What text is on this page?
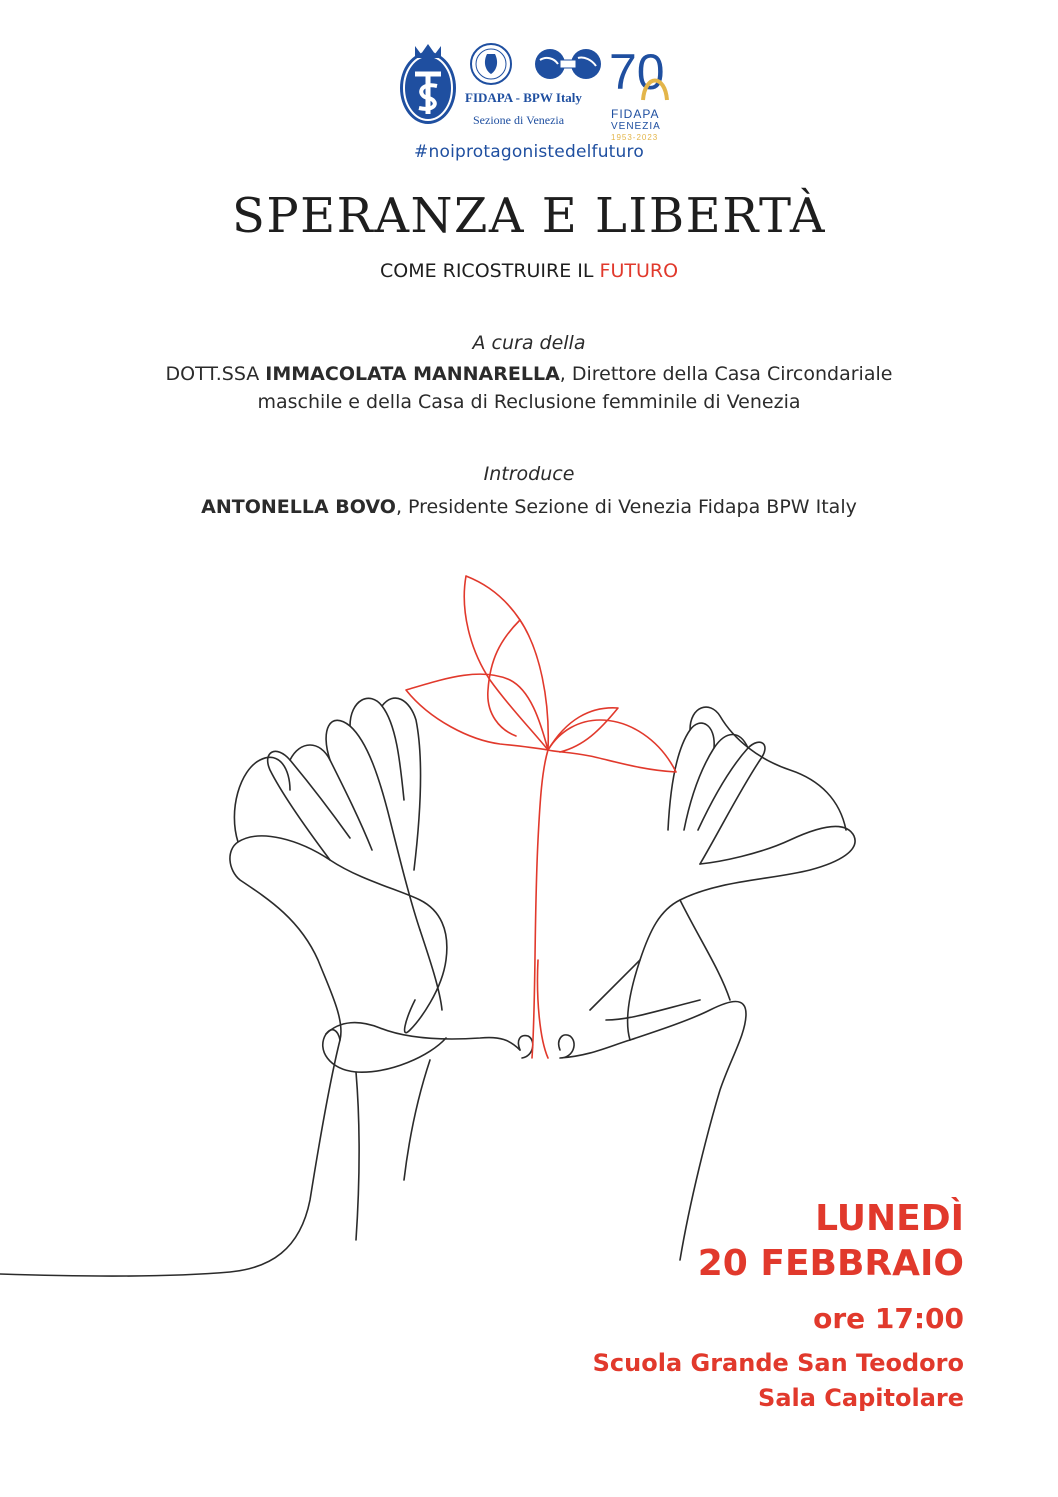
FIDAPA - BPW Italy
Sezione di Venezia
70
FIDAPA
VENEZIA
1953-2023
#noiprotagonistedelfuturo
SPERANZA E LIBERTÀ
COME RICOSTRUIRE IL FUTURO
A cura della
DOTT.SSA IMMACOLATA MANNARELLA, Direttore della Casa Circondariale
maschile e della Casa di Reclusione femminile di Venezia
Introduce
ANTONELLA BOVO, Presidente Sezione di Venezia Fidapa BPW Italy
LUNEDÌ
20 FEBBRAIO
ore 17:00
Scuola Grande San Teodoro
Sala Capitolare
